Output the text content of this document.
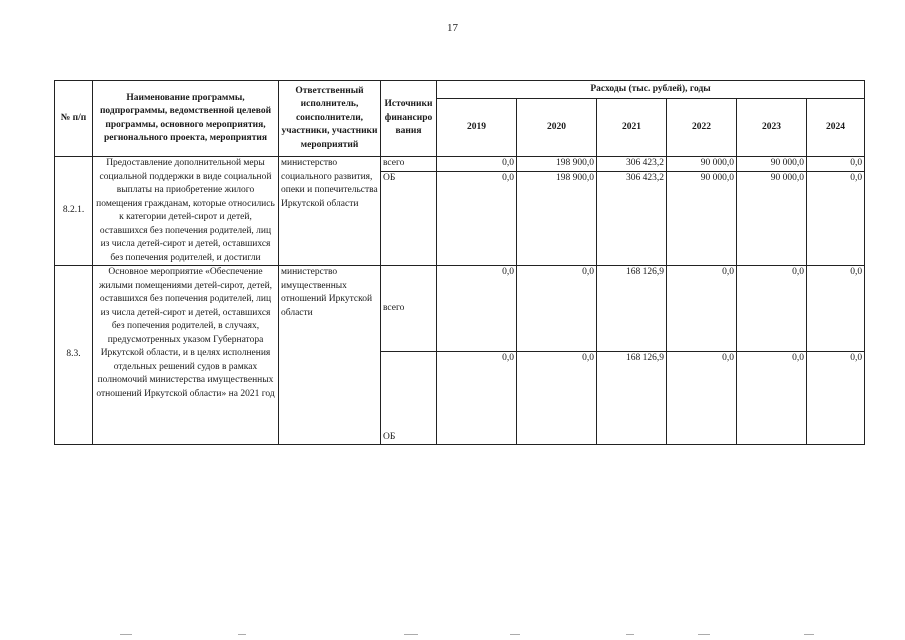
17
№ п/п	Наименование программы, подпрограммы, ведомственной целевой программы, основного мероприятия, регионального проекта, мероприятия	Ответственный исполнитель, соисполнители, участники, участники мероприятий	Источники финансиро вания	Расходы (тыс. рублей), годы					
				2019	2020	2021	2022	2023	2024
8.2.1.	Предоставление дополнительной меры социальной поддержки в виде социальной выплаты на приобретение жилого помещения гражданам, которые относились к категории детей-сирот и детей, оставшихся без попечения родителей, лиц из числа детей-сирот и детей, оставшихся без попечения родителей, и достигли	министерство социального развития, опеки и попечительства Иркутской области	всего	0,0	198 900,0	306 423,2	90 000,0	90 000,0	0,0
			ОБ	0,0	198 900,0	306 423,2	90 000,0	90 000,0	0,0
8.3.	Основное мероприятие «Обеспечение жилыми помещениями детей-сирот, детей, оставшихся без попечения родителей, лиц из числа детей-сирот и детей, оставшихся без попечения родителей, в случаях, предусмотренных указом Губернатора Иркутской области, и в целях исполнения отдельных решений судов в рамках полномочий министерства имущественных отношений Иркутской области» на 2021 год	министерство имущественных отношений Иркутской области	всего	0,0	0,0	168 126,9	0,0	0,0	0,0
			ОБ	0,0	0,0	168 126,9	0,0	0,0	0,0
